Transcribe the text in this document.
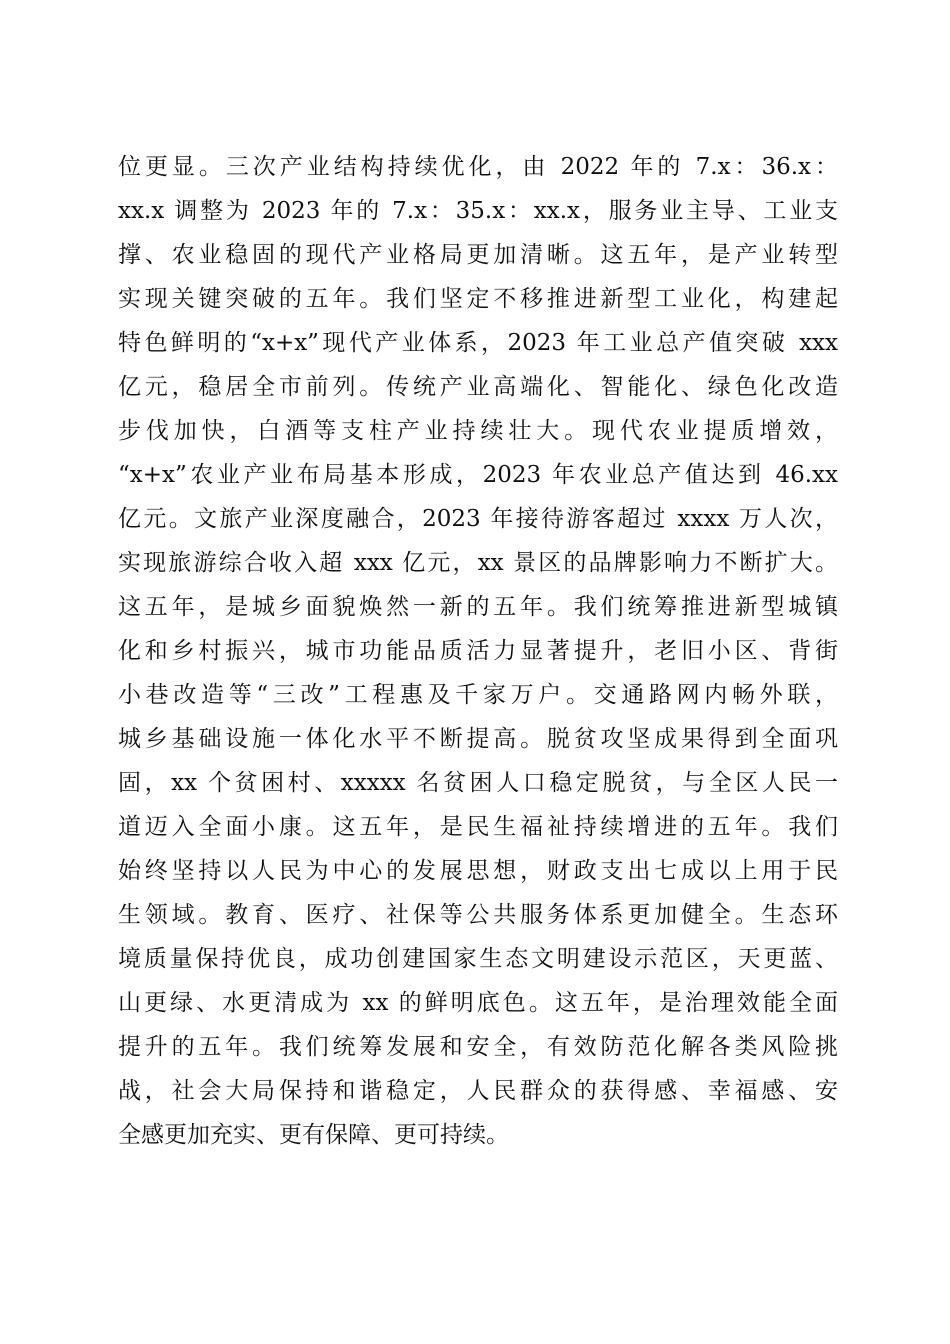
位更显。三次产业结构持续优化，由 2022 年的 7.x：36.x：
xx.x 调整为 2023 年的 7.x：35.x：xx.x，服务业主导、工业支
撑、农业稳固的现代产业格局更加清晰。这五年，是产业转型
实现关键突破的五年。我们坚定不移推进新型工业化，构建起
特色鲜明的“x+x”现代产业体系，2023 年工业总产值突破 xxx
亿元，稳居全市前列。传统产业高端化、智能化、绿色化改造
步伐加快，白酒等支柱产业持续壮大。现代农业提质增效，
“x+x”农业产业布局基本形成，2023 年农业总产值达到 46.xx
亿元。文旅产业深度融合，2023 年接待游客超过 xxxx 万人次，
实现旅游综合收入超 xxx 亿元，xx 景区的品牌影响力不断扩大。
这五年，是城乡面貌焕然一新的五年。我们统筹推进新型城镇
化和乡村振兴，城市功能品质活力显著提升，老旧小区、背街
小巷改造等“三改”工程惠及千家万户。交通路网内畅外联，
城乡基础设施一体化水平不断提高。脱贫攻坚成果得到全面巩
固，xx 个贫困村、xxxxx 名贫困人口稳定脱贫，与全区人民一
道迈入全面小康。这五年，是民生福祉持续增进的五年。我们
始终坚持以人民为中心的发展思想，财政支出七成以上用于民
生领域。教育、医疗、社保等公共服务体系更加健全。生态环
境质量保持优良，成功创建国家生态文明建设示范区，天更蓝、
山更绿、水更清成为 xx 的鲜明底色。这五年，是治理效能全面
提升的五年。我们统筹发展和安全，有效防范化解各类风险挑
战，社会大局保持和谐稳定，人民群众的获得感、幸福感、安
全感更加充实、更有保障、更可持续。
